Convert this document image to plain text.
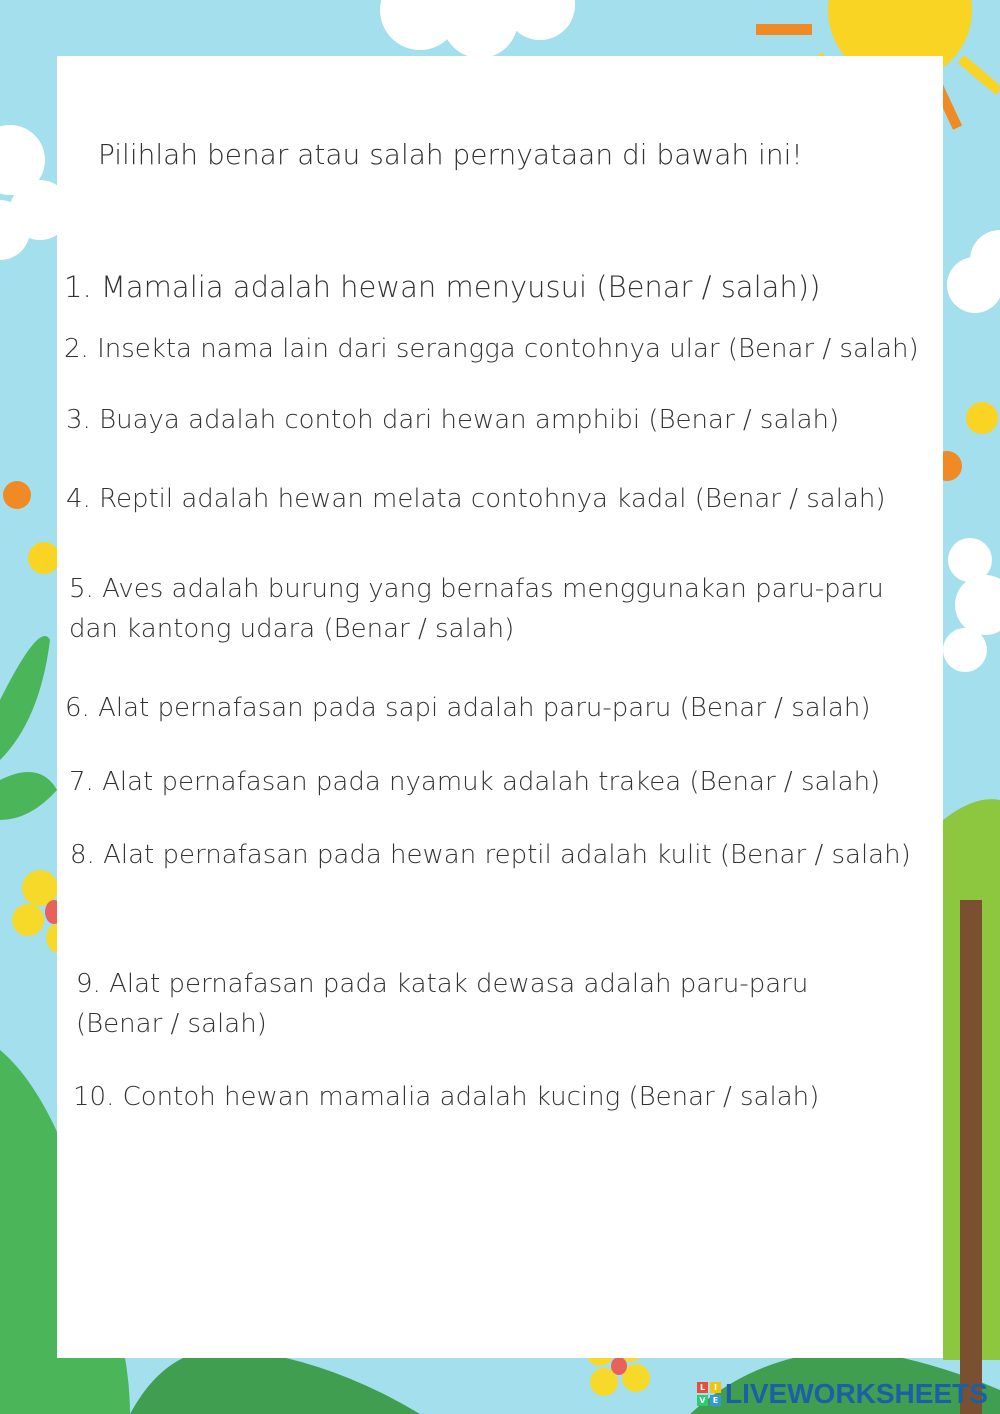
Pilihlah benar atau salah pernyataan di bawah ini!
1. Mamalia adalah hewan menyusui (Benar / salah))
2. Insekta nama lain dari serangga contohnya ular (Benar / salah)
3. Buaya adalah contoh dari hewan amphibi (Benar / salah)
4. Reptil adalah hewan melata contohnya kadal (Benar / salah)
5. Aves adalah burung yang bernafas menggunakan paru-paru
dan kantong udara (Benar / salah)
6. Alat pernafasan pada sapi adalah paru-paru (Benar / salah)
7. Alat pernafasan pada nyamuk adalah trakea (Benar / salah)
8. Alat pernafasan pada hewan reptil adalah kulit (Benar / salah)
9. Alat pernafasan pada katak dewasa adalah paru-paru
(Benar / salah)
10. Contoh hewan mamalia adalah kucing (Benar / salah)
L	I
V E LIVEWORKSHEETS
